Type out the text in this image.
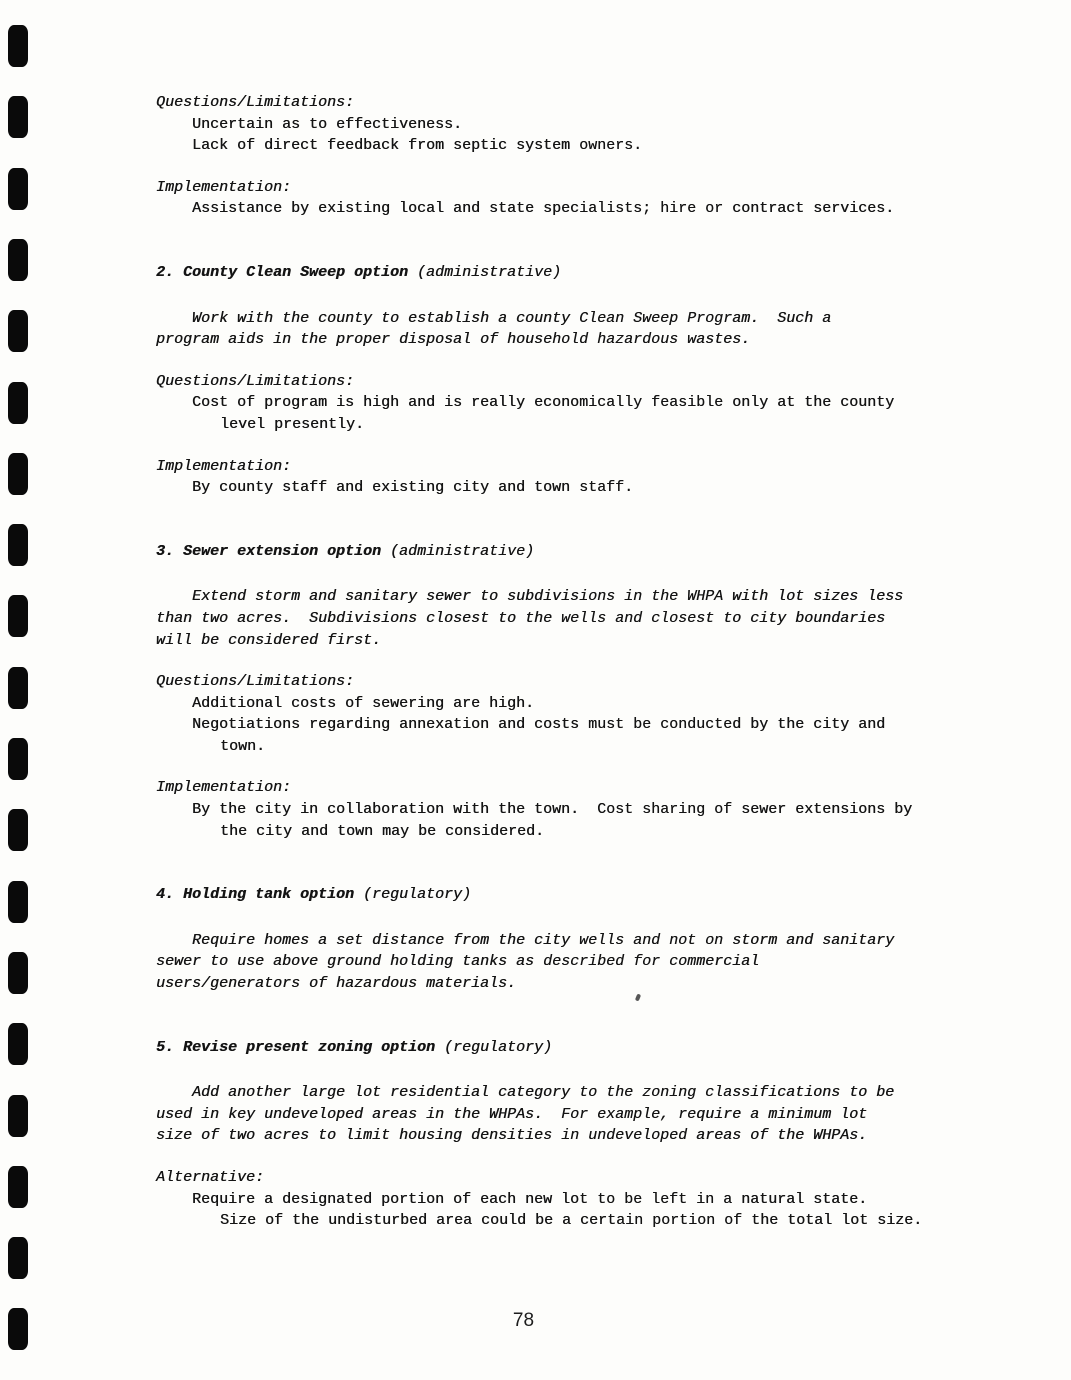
Questions/Limitations:
Uncertain as to effectiveness.
Lack of direct feedback from septic system owners.
Implementation:
Assistance by existing local and state specialists; hire or contract services.
2. County Clean Sweep option (administrative)
Work with the county to establish a county Clean Sweep Program.  Such a
program aids in the proper disposal of household hazardous wastes.
Questions/Limitations:
Cost of program is high and is really economically feasible only at the county
level presently.
Implementation:
By county staff and existing city and town staff.
3. Sewer extension option (administrative)
Extend storm and sanitary sewer to subdivisions in the WHPA with lot sizes less
than two acres.  Subdivisions closest to the wells and closest to city boundaries
will be considered first.
Questions/Limitations:
Additional costs of sewering are high.
Negotiations regarding annexation and costs must be conducted by the city and
town.
Implementation:
By the city in collaboration with the town.  Cost sharing of sewer extensions by
the city and town may be considered.
4. Holding tank option (regulatory)
Require homes a set distance from the city wells and not on storm and sanitary
sewer to use above ground holding tanks as described for commercial
users/generators of hazardous materials.
5. Revise present zoning option (regulatory)
Add another large lot residential category to the zoning classifications to be
used in key undeveloped areas in the WHPAs.  For example, require a minimum lot
size of two acres to limit housing densities in undeveloped areas of the WHPAs.
Alternative:
Require a designated portion of each new lot to be left in a natural state.
Size of the undisturbed area could be a certain portion of the total lot size.
78
